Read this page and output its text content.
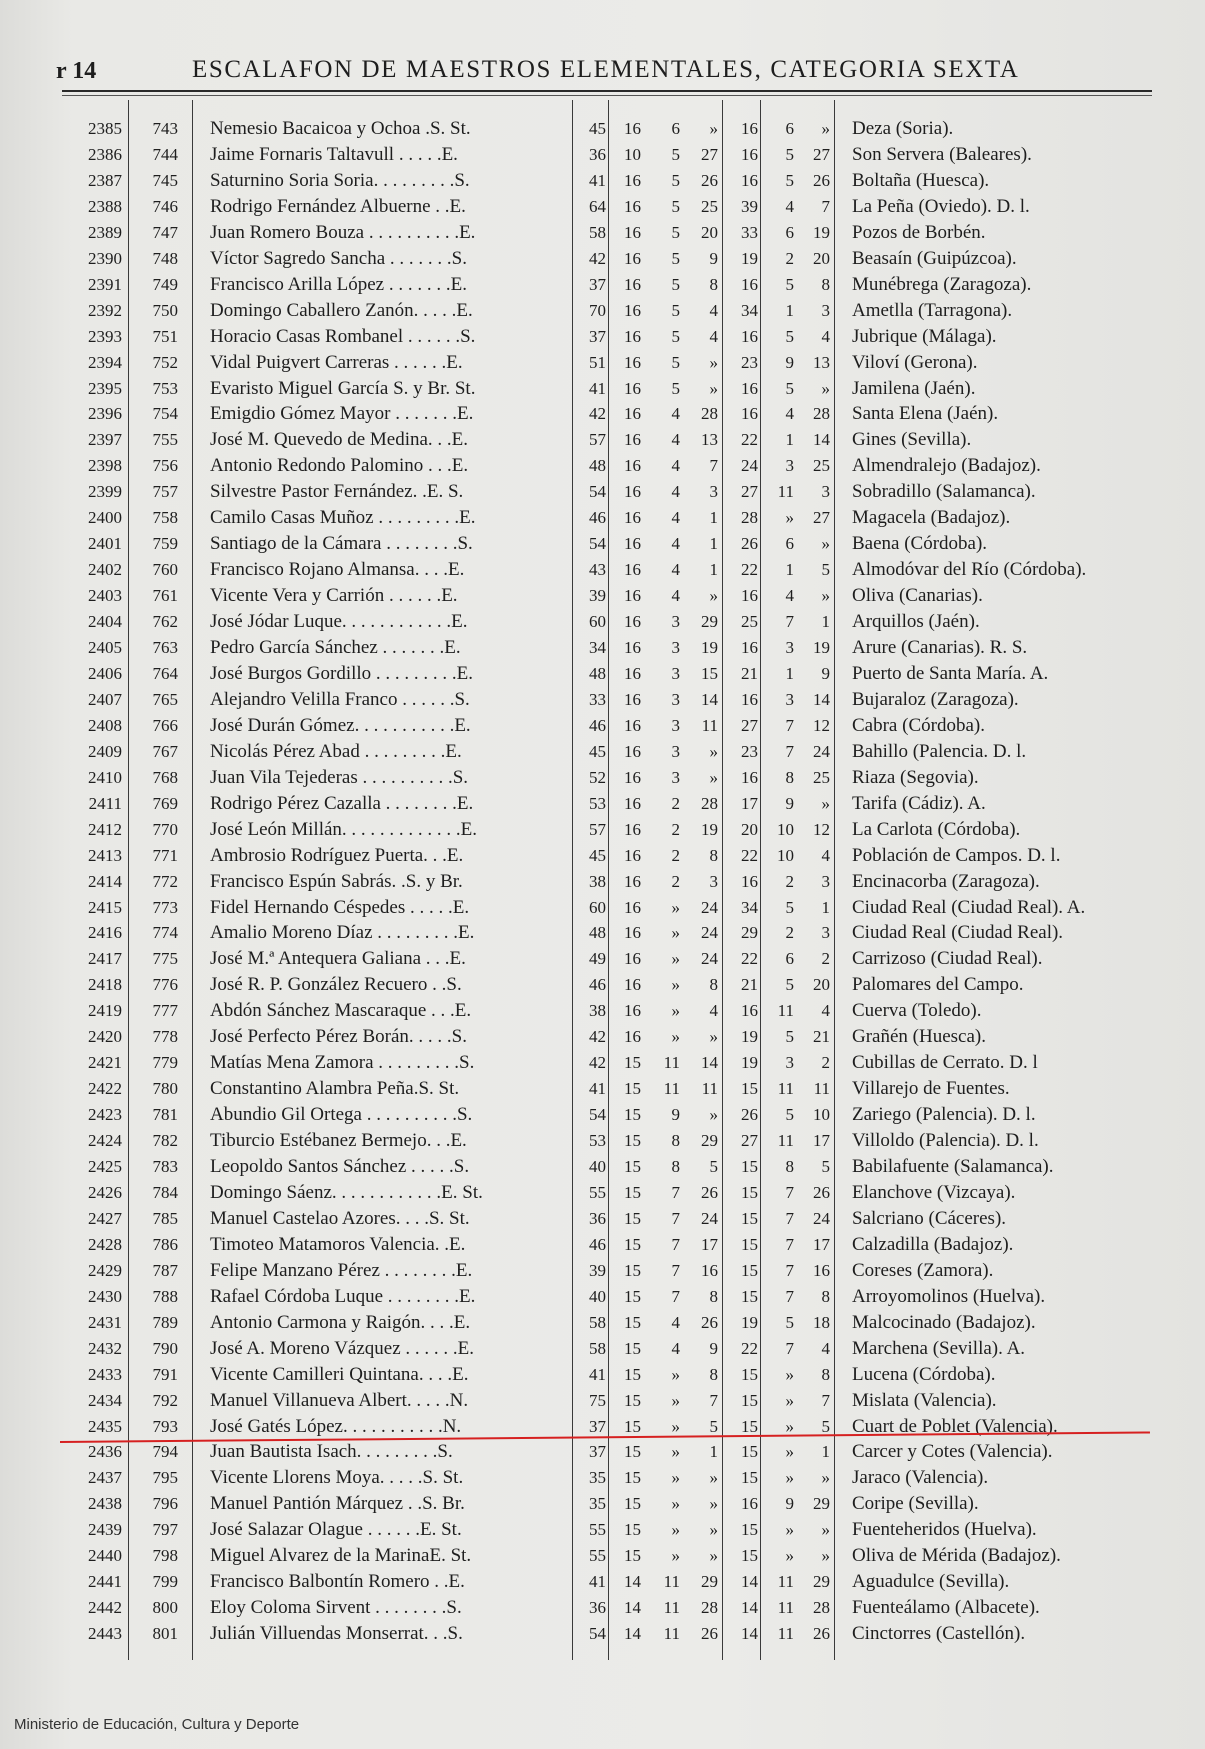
r 14	ESCALAFON DE MAESTROS ELEMENTALES, CATEGORIA SEXTA
2385	743 Nemesio Bacaicoa y Ochoa .S. St.	45	16	6	»	16	6	» Deza (Soria).
2386	744 Jaime Fornaris Taltavull . . . . .E.	36	10	5	27	16	5	27 Son Servera (Baleares).
2387	745 Saturnino Soria Soria. . . . . . . . .S.	41	16	5	26	16	5	26 Boltaña (Huesca).
2388	746 Rodrigo Fernández Albuerne . .E.	64	16	5	25	39	4	7 La Peña (Oviedo). D. l.
2389	747 Juan Romero Bouza . . . . . . . . . .E.	58	16	5	20	33	6	19 Pozos de Borbén.
2390	748 Víctor Sagredo Sancha . . . . . . .S.	42	16	5	9	19	2	20 Beasaín (Guipúzcoa).
2391	749 Francisco Arilla López . . . . . . .E.	37	16	5	8	16	5	8 Munébrega (Zaragoza).
2392	750 Domingo Caballero Zanón. . . . .E.	70	16	5	4	34	1	3 Ametlla (Tarragona).
2393	751 Horacio Casas Rombanel . . . . . .S.	37	16	5	4	16	5	4 Jubrique (Málaga).
2394	752 Vidal Puigvert Carreras . . . . . .E.	51	16	5	»	23	9	13 Viloví (Gerona).
2395	753 Evaristo Miguel García S. y Br. St.	41	16	5	»	16	5	» Jamilena (Jaén).
2396	754 Emigdio Gómez Mayor . . . . . . .E.	42	16	4	28	16	4	28 Santa Elena (Jaén).
2397	755 José M. Quevedo de Medina. . .E.	57	16	4	13	22	1	14 Gines (Sevilla).
2398	756 Antonio Redondo Palomino . . .E.	48	16	4	7	24	3	25 Almendralejo (Badajoz).
2399	757 Silvestre Pastor Fernández. .E. S.	54	16	4	3	27	11	3 Sobradillo (Salamanca).
2400	758 Camilo Casas Muñoz . . . . . . . . .E.	46	16	4	1	28	»	27 Magacela (Badajoz).
2401	759 Santiago de la Cámara . . . . . . . .S.	54	16	4	1	26	6	» Baena (Córdoba).
2402	760 Francisco Rojano Almansa. . . .E.	43	16	4	1	22	1	5 Almodóvar del Río (Córdoba).
2403	761 Vicente Vera y Carrión . . . . . .E.	39	16	4	»	16	4	» Oliva (Canarias).
2404	762 José Jódar Luque. . . . . . . . . . . .E.	60	16	3	29	25	7	1 Arquillos (Jaén).
2405	763 Pedro García Sánchez . . . . . . .E.	34	16	3	19	16	3	19 Arure (Canarias). R. S.
2406	764 José Burgos Gordillo . . . . . . . . .E.	48	16	3	15	21	1	9 Puerto de Santa María. A.
2407	765 Alejandro Velilla Franco . . . . . .S.	33	16	3	14	16	3	14 Bujaraloz (Zaragoza).
2408	766 José Durán Gómez. . . . . . . . . . .E.	46	16	3	11	27	7	12 Cabra (Córdoba).
2409	767 Nicolás Pérez Abad . . . . . . . . .E.	45	16	3	»	23	7	24 Bahillo (Palencia. D. l.
2410	768 Juan Vila Tejederas . . . . . . . . . .S.	52	16	3	»	16	8	25 Riaza (Segovia).
2411	769 Rodrigo Pérez Cazalla . . . . . . . .E.	53	16	2	28	17	9	» Tarifa (Cádiz). A.
2412	770 José León Millán. . . . . . . . . . . . .E.	57	16	2	19	20	10	12 La Carlota (Córdoba).
2413	771 Ambrosio Rodríguez Puerta. . .E.	45	16	2	8	22	10	4 Población de Campos. D. l.
2414	772 Francisco Espún Sabrás. .S. y Br.	38	16	2	3	16	2	3 Encinacorba (Zaragoza).
2415	773 Fidel Hernando Céspedes . . . . .E.	60	16	»	24	34	5	1 Ciudad Real (Ciudad Real). A.
2416	774 Amalio Moreno Díaz . . . . . . . . .E.	48	16	»	24	29	2	3 Ciudad Real (Ciudad Real).
2417	775 José M.ª Antequera Galiana . . .E.	49	16	»	24	22	6	2 Carrizoso (Ciudad Real).
2418	776 José R. P. González Recuero . .S.	46	16	»	8	21	5	20 Palomares del Campo.
2419	777 Abdón Sánchez Mascaraque . . .E.	38	16	»	4	16	11	4 Cuerva (Toledo).
2420	778 José Perfecto Pérez Borán. . . . .S.	42	16	»	»	19	5	21 Grañén (Huesca).
2421	779 Matías Mena Zamora . . . . . . . . .S.	42	15	11	14	19	3	2 Cubillas de Cerrato. D. l
2422	780 Constantino Alambra Peña.S. St.	41	15	11	11	15	11	11 Villarejo de Fuentes.
2423	781 Abundio Gil Ortega . . . . . . . . . .S.	54	15	9	»	26	5	10 Zariego (Palencia). D. l.
2424	782 Tiburcio Estébanez Bermejo. . .E.	53	15	8	29	27	11	17 Villoldo (Palencia). D. l.
2425	783 Leopoldo Santos Sánchez . . . . .S.	40	15	8	5	15	8	5 Babilafuente (Salamanca).
2426	784 Domingo Sáenz. . . . . . . . . . . .E. St.	55	15	7	26	15	7	26 Elanchove (Vizcaya).
2427	785 Manuel Castelao Azores. . . .S. St.	36	15	7	24	15	7	24 Salcriano (Cáceres).
2428	786 Timoteo Matamoros Valencia. .E.	46	15	7	17	15	7	17 Calzadilla (Badajoz).
2429	787 Felipe Manzano Pérez . . . . . . . .E.	39	15	7	16	15	7	16 Coreses (Zamora).
2430	788 Rafael Córdoba Luque . . . . . . . .E.	40	15	7	8	15	7	8 Arroyomolinos (Huelva).
2431	789 Antonio Carmona y Raigón. . . .E.	58	15	4	26	19	5	18 Malcocinado (Badajoz).
2432	790 José A. Moreno Vázquez . . . . . .E.	58	15	4	9	22	7	4 Marchena (Sevilla). A.
2433	791 Vicente Camilleri Quintana. . . .E.	41	15	»	8	15	»	8 Lucena (Córdoba).
2434	792 Manuel Villanueva Albert. . . . .N.	75	15	»	7	15	»	7 Mislata (Valencia).
2435	793 José Gatés López. . . . . . . . . . .N.	37	15	»	5	15	»	5 Cuart de Poblet (Valencia).
2436	794 Juan Bautista Isach. . . . . . . . .S.	37	15	»	1	15	»	1 Carcer y Cotes (Valencia).
2437	795 Vicente Llorens Moya. . . . .S. St.	35	15	»	»	15	»	» Jaraco (Valencia).
2438	796 Manuel Pantión Márquez . .S. Br.	35	15	»	»	16	9	29 Coripe (Sevilla).
2439	797 José Salazar Olague . . . . . .E. St.	55	15	»	»	15	»	» Fuenteheridos (Huelva).
2440	798 Miguel Alvarez de la MarinaE. St.	55	15	»	»	15	»	» Oliva de Mérida (Badajoz).
2441	799 Francisco Balbontín Romero . .E.	41	14	11	29	14	11	29 Aguadulce (Sevilla).
2442	800 Eloy Coloma Sirvent . . . . . . . .S.	36	14	11	28	14	11	28 Fuenteálamo (Albacete).
2443	801 Julián Villuendas Monserrat. . .S.	54	14	11	26	14	11	26 Cinctorres (Castellón).
Ministerio de Educación, Cultura y Deporte
